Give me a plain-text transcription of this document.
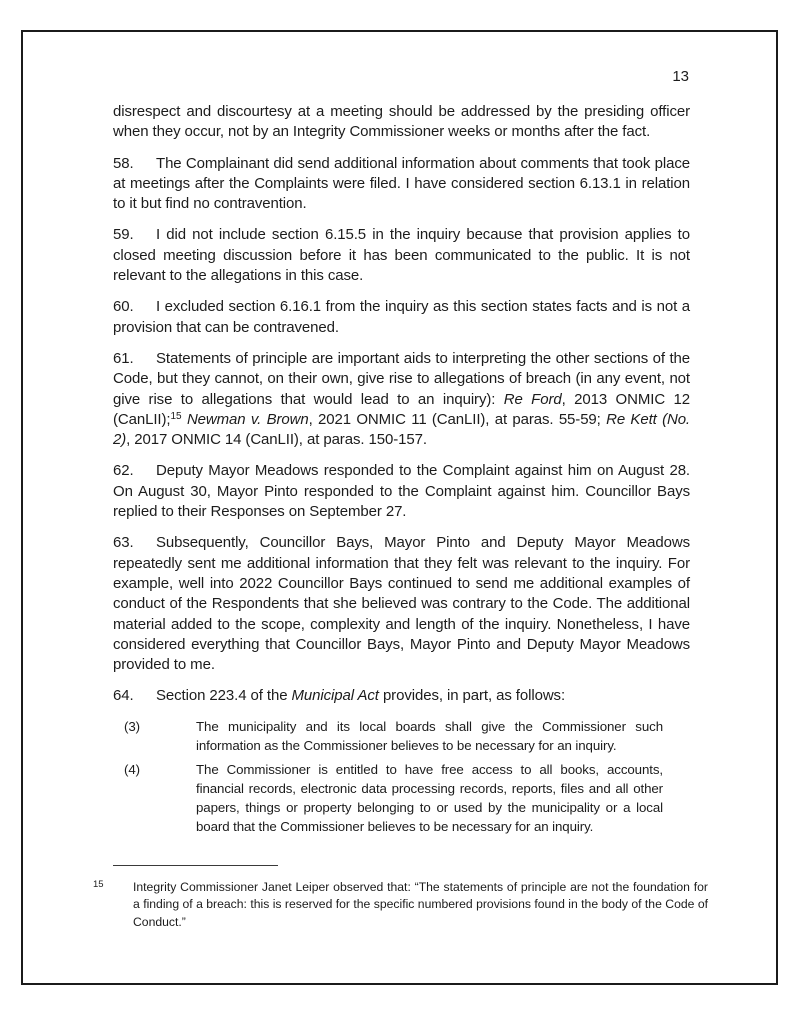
13
disrespect and discourtesy at a meeting should be addressed by the presiding officer when they occur, not by an Integrity Commissioner weeks or months after the fact.
58. The Complainant did send additional information about comments that took place at meetings after the Complaints were filed. I have considered section 6.13.1 in relation to it but find no contravention.
59. I did not include section 6.15.5 in the inquiry because that provision applies to closed meeting discussion before it has been communicated to the public. It is not relevant to the allegations in this case.
60. I excluded section 6.16.1 from the inquiry as this section states facts and is not a provision that can be contravened.
61. Statements of principle are important aids to interpreting the other sections of the Code, but they cannot, on their own, give rise to allegations of breach (in any event, not give rise to allegations that would lead to an inquiry): Re Ford, 2013 ONMIC 12 (CanLII);$^{15}$ Newman v. Brown, 2021 ONMIC 11 (CanLII), at paras. 55-59; Re Kett (No. 2), 2017 ONMIC 14 (CanLII), at paras. 150-157.
62. Deputy Mayor Meadows responded to the Complaint against him on August 28. On August 30, Mayor Pinto responded to the Complaint against him. Councillor Bays replied to their Responses on September 27.
63. Subsequently, Councillor Bays, Mayor Pinto and Deputy Mayor Meadows repeatedly sent me additional information that they felt was relevant to the inquiry. For example, well into 2022 Councillor Bays continued to send me additional examples of conduct of the Respondents that she believed was contrary to the Code. The additional material added to the scope, complexity and length of the inquiry. Nonetheless, I have considered everything that Councillor Bays, Mayor Pinto and Deputy Mayor Meadows provided to me.
64. Section 223.4 of the Municipal Act provides, in part, as follows:
(3)	The municipality and its local boards shall give the Commissioner such information as the Commissioner believes to be necessary for an inquiry.
(4)	The Commissioner is entitled to have free access to all books, accounts, financial records, electronic data processing records, reports, files and all other papers, things or property belonging to or used by the municipality or a local board that the Commissioner believes to be necessary for an inquiry.
15 Integrity Commissioner Janet Leiper observed that: “The statements of principle are not the foundation for a finding of a breach: this is reserved for the specific numbered provisions found in the body of the Code of Conduct.”
